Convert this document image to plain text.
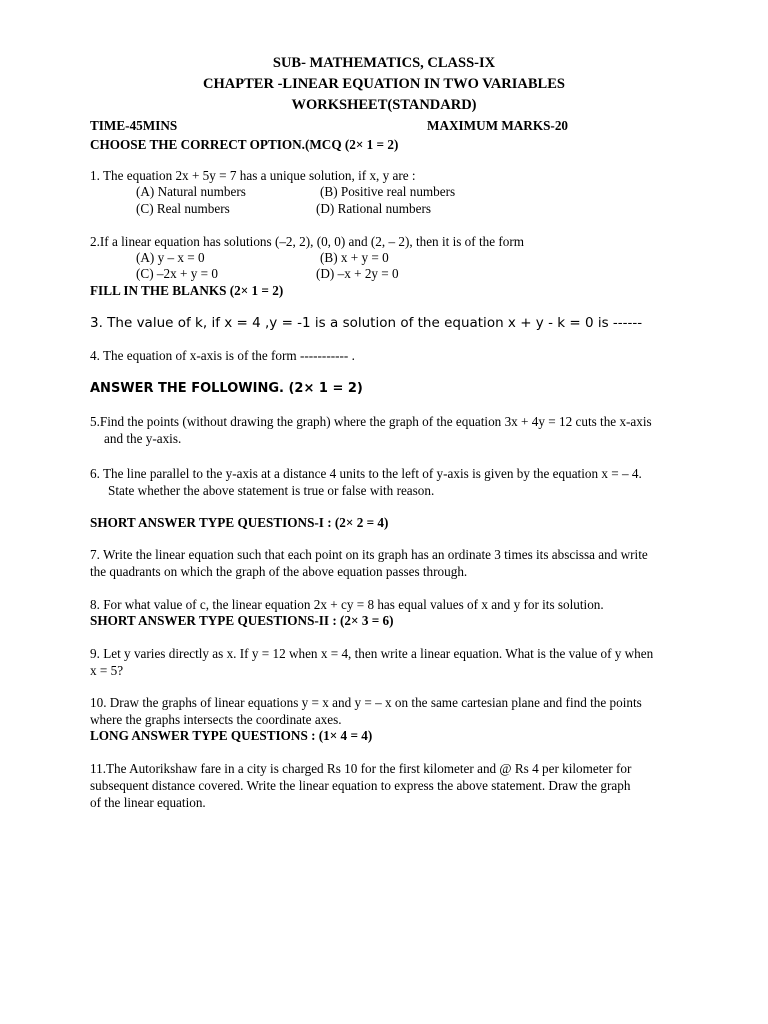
SUB- MATHEMATICS, CLASS-IX
CHAPTER -LINEAR EQUATION IN TWO VARIABLES
WORKSHEET(STANDARD)
TIME-45MINS	MAXIMUM MARKS-20
CHOOSE THE CORRECT OPTION.(MCQ (2× 1 = 2)
1. The equation 2x + 5y = 7 has a unique solution, if x, y are :
(A) Natural numbers	(B) Positive real numbers
(C) Real numbers	(D) Rational numbers
2.If a linear equation has solutions (–2, 2), (0, 0) and (2, – 2), then it is of the form
(A) y – x = 0	(B) x + y = 0
(C) –2x + y = 0	(D) –x + 2y = 0
FILL IN THE BLANKS (2× 1 = 2)
3. The value of k, if x = 4 ,y = -1 is a solution of the equation x + y - k = 0 is ------
4. The equation of x-axis is of the form ----------- .
ANSWER THE FOLLOWING. (2× 1 = 2)
5.Find the points (without drawing the graph) where the graph of the equation 3x + 4y = 12 cuts the x-axis
and the y-axis.
6. The line parallel to the y-axis at a distance 4 units to the left of y-axis is given by the equation x = – 4.
State whether the above statement is true or false with reason.
SHORT ANSWER TYPE QUESTIONS-I : (2× 2 = 4)
7. Write the linear equation such that each point on its graph has an ordinate 3 times its abscissa and write
the quadrants on which the graph of the above equation passes through.
8. For what value of c, the linear equation 2x + cy = 8 has equal values of x and y for its solution.
SHORT ANSWER TYPE QUESTIONS-II : (2× 3 = 6)
9. Let y varies directly as x. If y = 12 when x = 4, then write a linear equation. What is the value of y when
x = 5?
10. Draw the graphs of linear equations y = x and y = – x on the same cartesian plane and find the points
where the graphs intersects the coordinate axes.
LONG ANSWER TYPE QUESTIONS : (1× 4 = 4)
11.The Autorikshaw fare in a city is charged Rs 10 for the first kilometer and @ Rs 4 per kilometer for
subsequent distance covered. Write the linear equation to express the above statement. Draw the graph
of the linear equation.
